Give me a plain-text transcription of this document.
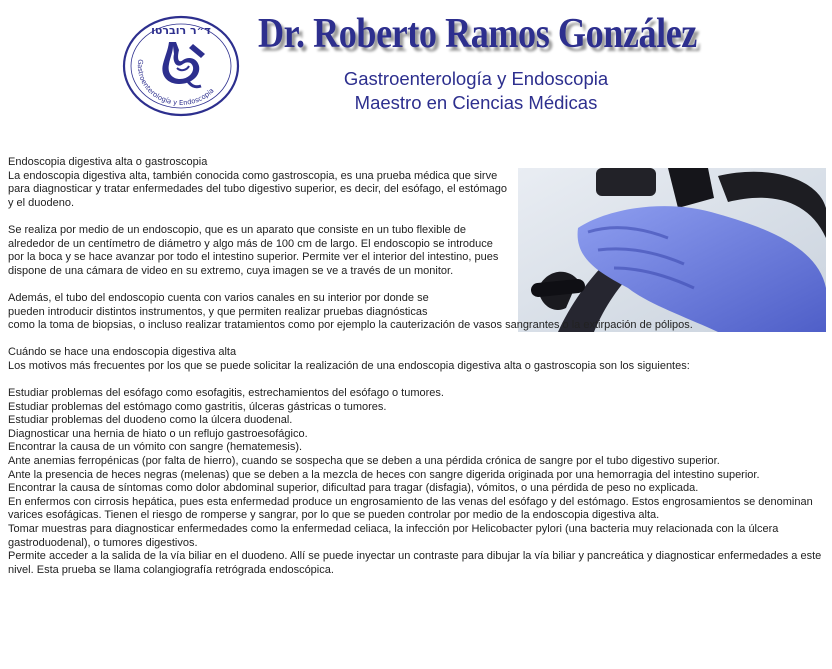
ד״ר רוברטו
Gastroenterología y Endoscopia
Dr. Roberto Ramos González

Gastroenterología y Endoscopia

Maestro en Ciencias Médicas

Endoscopia digestiva alta o gastroscopia

La endoscopia digestiva alta, también conocida como gastroscopia, es una prueba médica que sirve para diagnosticar y tratar enfermedades del tubo digestivo superior, es decir, del esófago, el estómago y el duodeno.

Se realiza por medio de un endoscopio, que es un aparato que consiste en un tubo flexible de alrededor de un centímetro de diámetro y algo más de 100 cm de largo. El endoscopio se introduce por la boca y se hace avanzar por todo el intestino superior. Permite ver el interior del intestino, pues dispone de una cámara de video en su extremo, cuya imagen se ve a través de un monitor.

Además, el tubo del endoscopio cuenta con varios canales en su interior por donde se

pueden introducir distintos instrumentos, y que permiten realizar pruebas diagnósticas

como la toma de biopsias, o incluso realizar tratamientos como por ejemplo la cauterización de vasos sangrantes o la extirpación de pólipos.

Cuándo se hace una endoscopia digestiva alta

Los motivos más frecuentes por los que se puede solicitar la realización de una endoscopia digestiva alta o gastroscopia son los siguientes:

Estudiar problemas del esófago como esofagitis, estrechamientos del esófago o tumores.

Estudiar problemas del estómago como gastritis, úlceras gástricas o tumores.

Estudiar problemas del duodeno como la úlcera duodenal.

Diagnosticar una hernia de hiato o un reflujo gastroesofágico.

Encontrar la causa de un vómito con sangre (hematemesis).

Ante anemias ferropénicas (por falta de hierro), cuando se sospecha que se deben a una pérdida crónica de sangre por el tubo digestivo superior.

Ante la presencia de heces negras (melenas) que se deben a la mezcla de heces con sangre digerida originada por una hemorragia del intestino superior.

Encontrar la causa de síntomas como dolor abdominal superior, dificultad para tragar (disfagia), vómitos, o una pérdida de peso no explicada.

En enfermos con cirrosis hepática, pues esta enfermedad produce un engrosamiento de las venas del esófago y del estómago. Estos engrosamientos se denominan varices esofágicas. Tienen el riesgo de romperse y sangrar, por lo que se pueden controlar por medio de la endoscopia digestiva alta.

Tomar muestras para diagnosticar enfermedades como la enfermedad celiaca, la infección por Helicobacter pylori (una bacteria muy relacionada con la úlcera gastroduodenal), o tumores digestivos.

Permite acceder a la salida de la vía biliar en el duodeno. Allí se puede inyectar un contraste para dibujar la vía biliar y pancreática y diagnosticar enfermedades a este nivel. Esta prueba se llama colangiografía retrógrada endoscópica.
